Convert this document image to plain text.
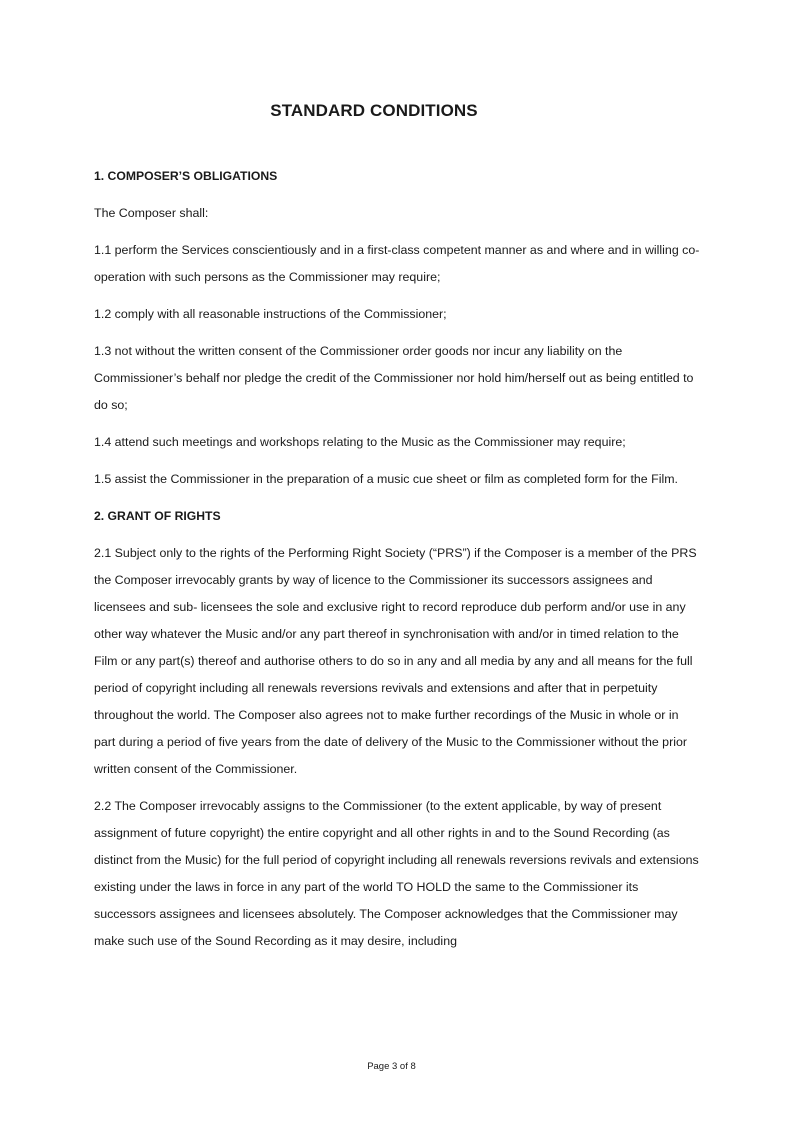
STANDARD CONDITIONS
1. COMPOSER’S OBLIGATIONS
The Composer shall:
1.1 perform the Services conscientiously and in a first-class competent manner as and where and in willing co-operation with such persons as the Commissioner may require;
1.2 comply with all reasonable instructions of the Commissioner;
1.3 not without the written consent of the Commissioner order goods nor incur any liability on the Commissioner’s behalf nor pledge the credit of the Commissioner nor hold him/herself out as being entitled to do so;
1.4 attend such meetings and workshops relating to the Music as the Commissioner may require;
1.5 assist the Commissioner in the preparation of a music cue sheet or film as completed form for the Film.
2. GRANT OF RIGHTS
2.1 Subject only to the rights of the Performing Right Society (“PRS”) if the Composer is a member of the PRS the Composer irrevocably grants by way of licence to the Commissioner its successors assignees and licensees and sub- licensees the sole and exclusive right to record reproduce dub perform and/or use in any other way whatever the Music and/or any part thereof in synchronisation with and/or in timed relation to the Film or any part(s) thereof and authorise others to do so in any and all media by any and all means for the full period of copyright including all renewals reversions revivals and extensions and after that in perpetuity throughout the world. The Composer also agrees not to make further recordings of the Music in whole or in part during a period of five years from the date of delivery of the Music to the Commissioner without the prior written consent of the Commissioner.
2.2 The Composer irrevocably assigns to the Commissioner (to the extent applicable, by way of present assignment of future copyright) the entire copyright and all other rights in and to the Sound Recording (as distinct from the Music) for the full period of copyright including all renewals reversions revivals and extensions existing under the laws in force in any part of the world TO HOLD the same to the Commissioner its successors assignees and licensees absolutely. The Composer acknowledges that the Commissioner may make such use of the Sound Recording as it may desire, including
Page 3 of 8
